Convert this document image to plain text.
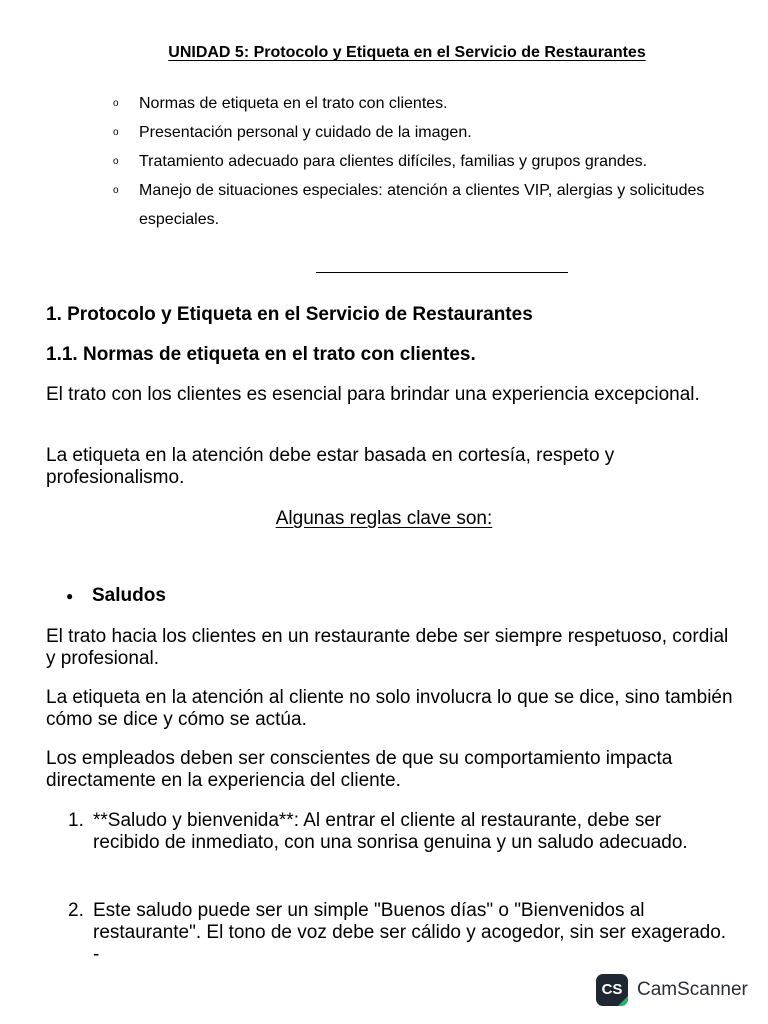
UNIDAD 5: Protocolo y Etiqueta en el Servicio de Restaurantes
o Normas de etiqueta en el trato con clientes.
o Presentación personal y cuidado de la imagen.
o Tratamiento adecuado para clientes difíciles, familias y grupos grandes.
o Manejo de situaciones especiales: atención a clientes VIP, alergias y solicitudes especiales.
1. Protocolo y Etiqueta en el Servicio de Restaurantes
1.1. Normas de etiqueta en el trato con clientes.

El trato con los clientes es esencial para brindar una experiencia excepcional.

La etiqueta en la atención debe estar basada en cortesía, respeto y profesionalismo.

Algunas reglas clave son:
● Saludos

El trato hacia los clientes en un restaurante debe ser siempre respetuoso, cordial y profesional.

La etiqueta en la atención al cliente no solo involucra lo que se dice, sino también cómo se dice y cómo se actúa.

Los empleados deben ser conscientes de que su comportamiento impacta directamente en la experiencia del cliente.

1. **Saludo y bienvenida**: Al entrar el cliente al restaurante, debe ser recibido de inmediato, con una sonrisa genuina y un saludo adecuado.
2. Este saludo puede ser un simple "Buenos días" o "Bienvenidos al restaurante". El tono de voz debe ser cálido y acogedor, sin ser exagerado. -
CS CamScanner
